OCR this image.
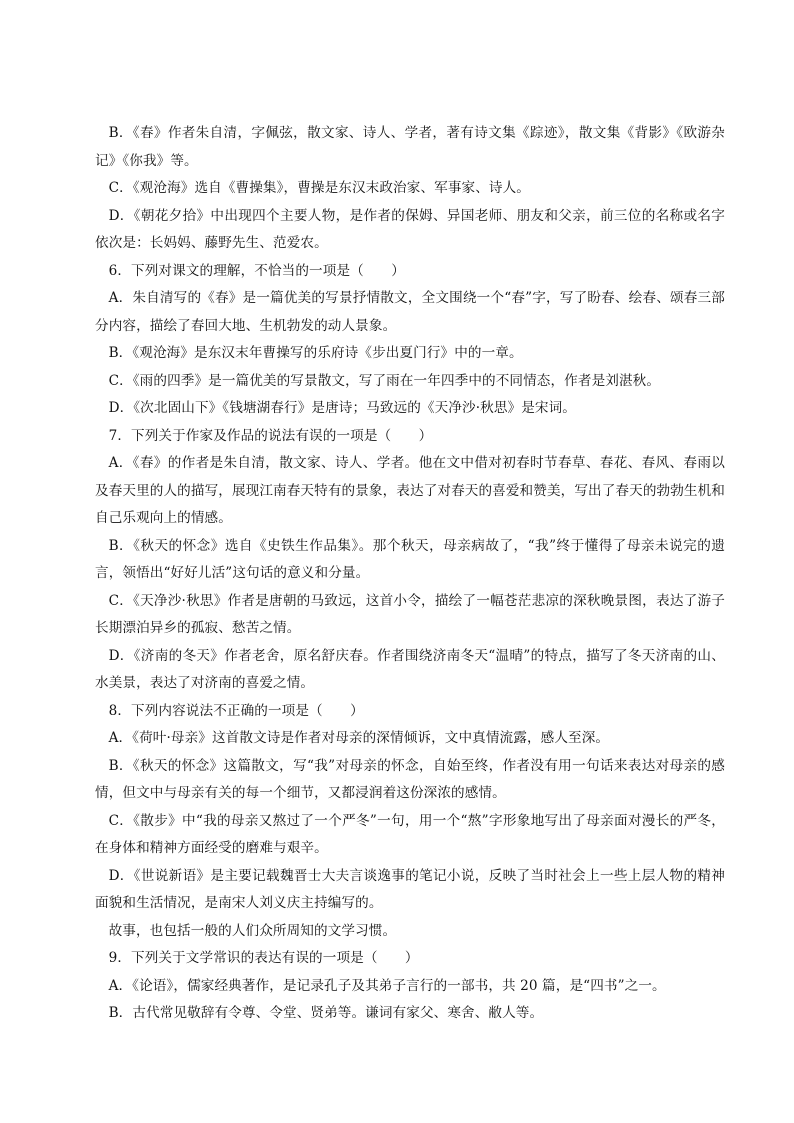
B．《春》作者朱自清，字佩弦，散文家、诗人、学者，著有诗文集《踪迹》，散文集《背影》《欧游杂记》《你我》等。

C．《观沧海》选自《曹操集》，曹操是东汉末政治家、军事家、诗人。

D．《朝花夕拾》中出现四个主要人物，是作者的保姆、异国老师、朋友和父亲，前三位的名称或名字依次是：长妈妈、藤野先生、范爱农。

6．下列对课文的理解，不恰当的一项是（　　）

A．朱自清写的《春》是一篇优美的写景抒情散文，全文围绕一个“春”字，写了盼春、绘春、颂春三部分内容，描绘了春回大地、生机勃发的动人景象。

B．《观沧海》是东汉末年曹操写的乐府诗《步出夏门行》中的一章。

C．《雨的四季》是一篇优美的写景散文，写了雨在一年四季中的不同情态，作者是刘湛秋。

D．《次北固山下》《钱塘湖春行》是唐诗；马致远的《天净沙·秋思》是宋词。

7．下列关于作家及作品的说法有误的一项是（　　）

A．《春》的作者是朱自清，散文家、诗人、学者。他在文中借对初春时节春草、春花、春风、春雨以及春天里的人的描写，展现江南春天特有的景象，表达了对春天的喜爱和赞美，写出了春天的勃勃生机和自己乐观向上的情感。

B．《秋天的怀念》选自《史铁生作品集》。那个秋天，母亲病故了，“我”终于懂得了母亲未说完的遗言，领悟出“好好儿活”这句话的意义和分量。

C．《天净沙·秋思》作者是唐朝的马致远，这首小令，描绘了一幅苍茫悲凉的深秋晚景图，表达了游子长期漂泊异乡的孤寂、愁苦之情。

D．《济南的冬天》作者老舍，原名舒庆春。作者围绕济南冬天“温晴”的特点，描写了冬天济南的山、水美景，表达了对济南的喜爱之情。

8．下列内容说法不正确的一项是（　　）

A．《荷叶·母亲》这首散文诗是作者对母亲的深情倾诉，文中真情流露，感人至深。

B．《秋天的怀念》这篇散文，写“我”对母亲的怀念，自始至终，作者没有用一句话来表达对母亲的感情，但文中与母亲有关的每一个细节，又都浸润着这份深浓的感情。

C．《散步》中“我的母亲又熬过了一个严冬”一句，用一个“熬”字形象地写出了母亲面对漫长的严冬，在身体和精神方面经受的磨难与艰辛。

D．《世说新语》是主要记载魏晋士大夫言谈逸事的笔记小说，反映了当时社会上一些上层人物的精神面貌和生活情况，是南宋人刘义庆主持编写的。

故事，也包括一般的人们众所周知的文学习惯。

9．下列关于文学常识的表达有误的一项是（　　）

A．《论语》，儒家经典著作，是记录孔子及其弟子言行的一部书，共 20 篇，是“四书”之一。

B．古代常见敬辞有令尊、令堂、贤弟等。谦词有家父、寒舍、敝人等。
